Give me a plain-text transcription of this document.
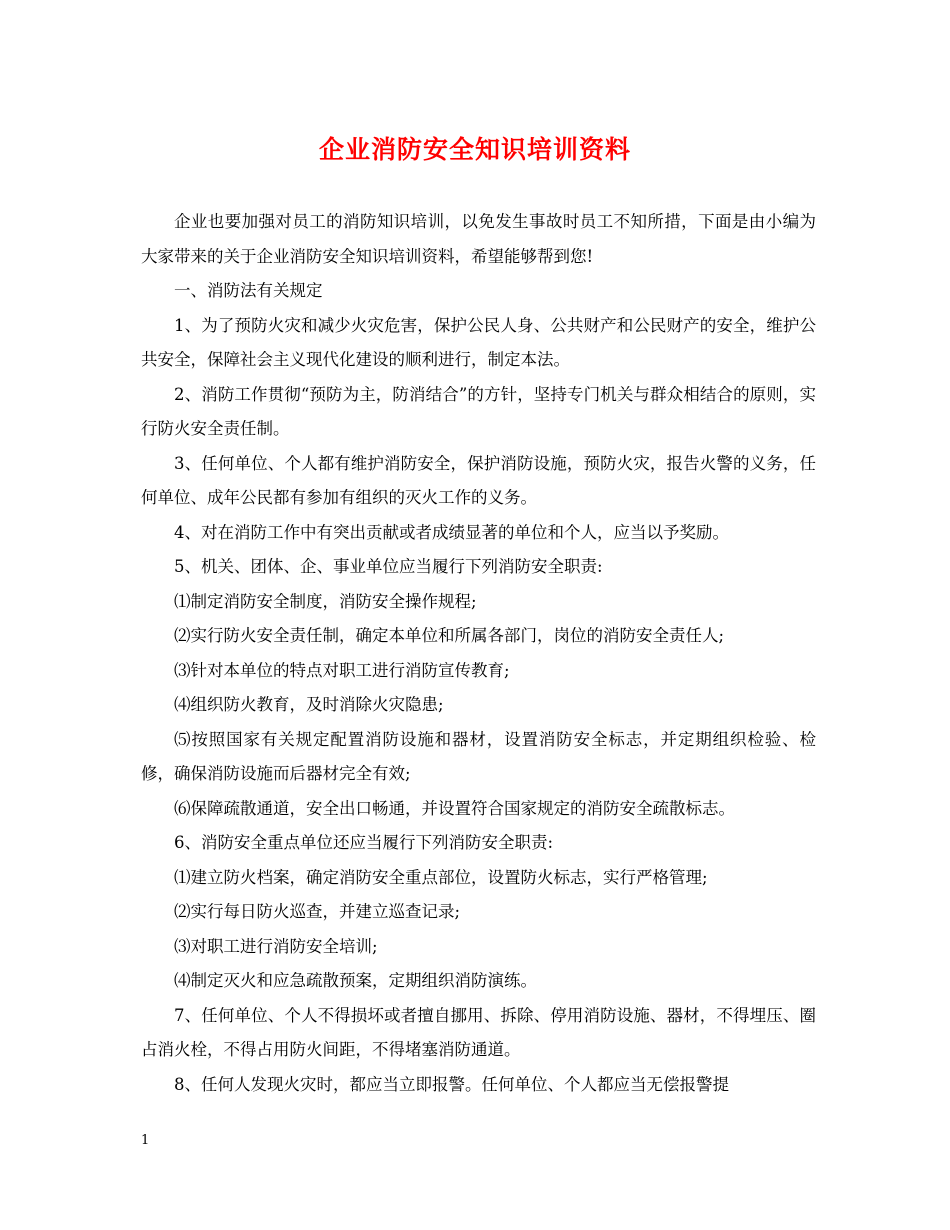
企业消防安全知识培训资料

企业也要加强对员工的消防知识培训，以免发生事故时员工不知所措，下面是由小编为大家带来的关于企业消防安全知识培训资料，希望能够帮到您!

一、消防法有关规定

1、为了预防火灾和减少火灾危害，保护公民人身、公共财产和公民财产的安全，维护公共安全，保障社会主义现代化建设的顺利进行，制定本法。

2、消防工作贯彻“预防为主，防消结合”的方针，坚持专门机关与群众相结合的原则，实行防火安全责任制。

3、任何单位、个人都有维护消防安全，保护消防设施，预防火灾，报告火警的义务，任何单位、成年公民都有参加有组织的灭火工作的义务。

4、对在消防工作中有突出贡献或者成绩显著的单位和个人，应当以予奖励。

5、机关、团体、企、事业单位应当履行下列消防安全职责:

⑴制定消防安全制度，消防安全操作规程;

⑵实行防火安全责任制，确定本单位和所属各部门，岗位的消防安全责任人;

⑶针对本单位的特点对职工进行消防宣传教育;

⑷组织防火教育，及时消除火灾隐患;

⑸按照国家有关规定配置消防设施和器材，设置消防安全标志，并定期组织检验、检修，确保消防设施而后器材完全有效;

⑹保障疏散通道，安全出口畅通，并设置符合国家规定的消防安全疏散标志。

6、消防安全重点单位还应当履行下列消防安全职责:

⑴建立防火档案，确定消防安全重点部位，设置防火标志，实行严格管理;

⑵实行每日防火巡查，并建立巡查记录;

⑶对职工进行消防安全培训;

⑷制定灭火和应急疏散预案，定期组织消防演练。

7、任何单位、个人不得损坏或者擅自挪用、拆除、停用消防设施、器材，不得埋压、圈占消火栓，不得占用防火间距，不得堵塞消防通道。

8、任何人发现火灾时，都应当立即报警。任何单位、个人都应当无偿报警提

1
